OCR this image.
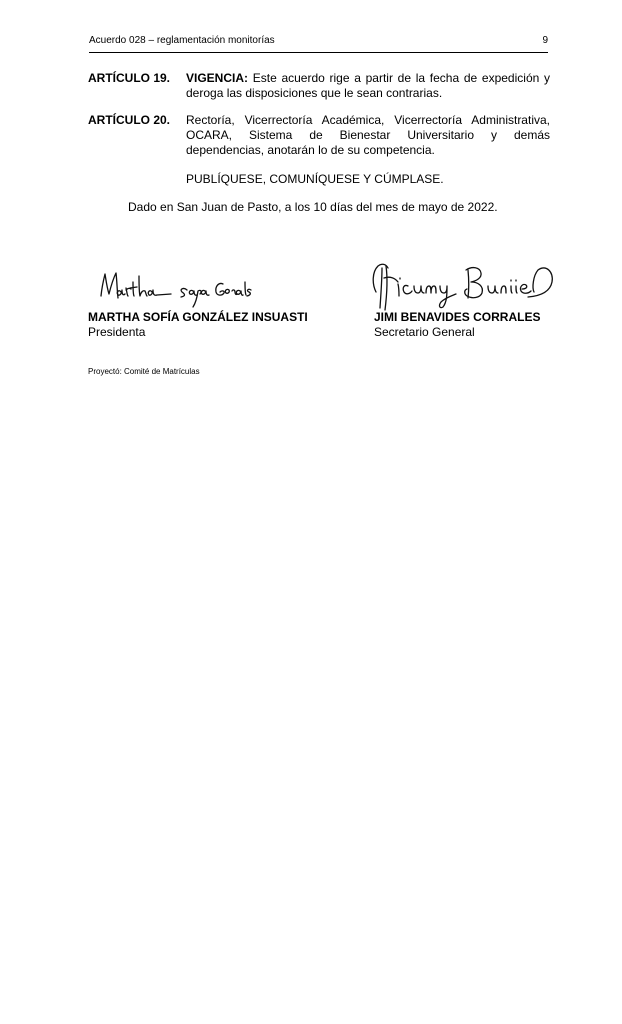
Acuerdo 028 – reglamentación monitorías	9
ARTÍCULO 19. VIGENCIA: Este acuerdo rige a partir de la fecha de expedición y
deroga las disposiciones que le sean contrarias.
ARTÍCULO 20. Rectoría, Vicerrectoría Académica, Vicerrectoría Administrativa,
OCARA, Sistema de Bienestar Universitario y demás
dependencias, anotarán lo de su competencia.
PUBLÍQUESE, COMUNÍQUESE Y CÚMPLASE.
Dado en San Juan de Pasto, a los 10 días del mes de mayo de 2022.
MARTHA SOFÍA GONZÁLEZ INSUASTI
Presidenta
JIMI BENAVIDES CORRALES
Secretario General
Proyectó: Comité de Matrículas
